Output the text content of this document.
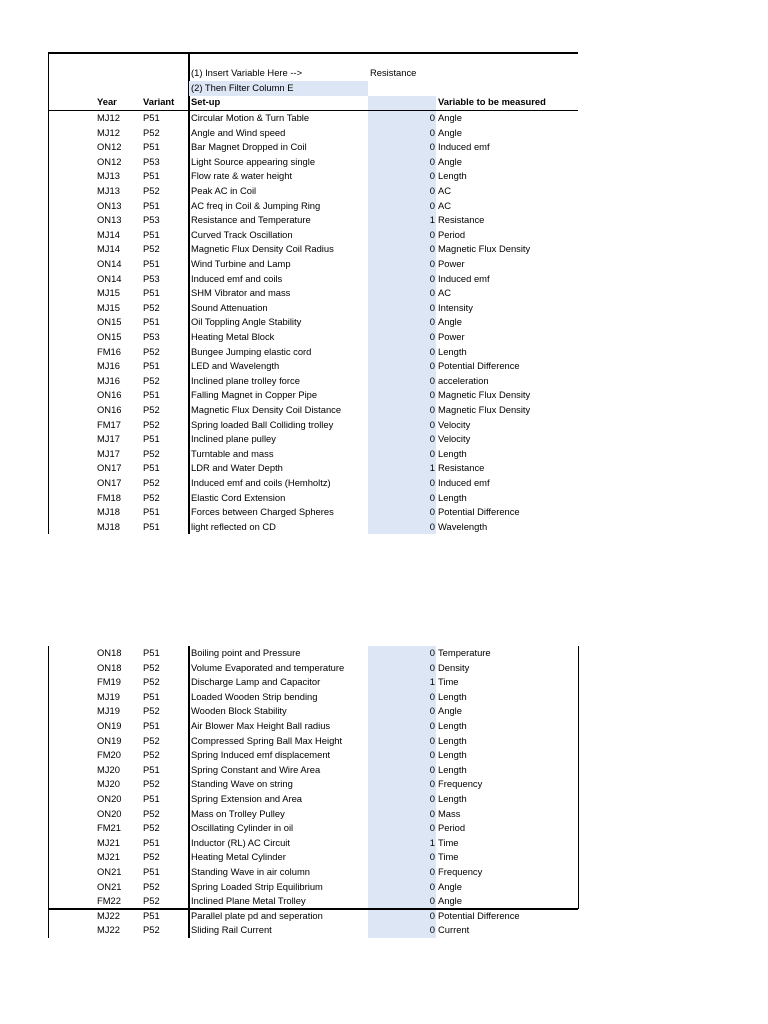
(1) Insert Variable Here -->	Resistance
(2) Then Filter Column E
Year	Variant	Set-up	Variable to be measured
MJ12	P51	Circular Motion & Turn Table	0 Angle
MJ12	P52	Angle and Wind speed	0 Angle
ON12	P51	Bar Magnet Dropped in Coil	0 Induced emf
ON12	P53	Light Source appearing single	0 Angle
MJ13	P51	Flow rate & water height	0 Length
MJ13	P52	Peak AC in Coil	0 AC
ON13	P51	AC freq in Coil & Jumping Ring	0 AC
ON13	P53	Resistance and Temperature	1 Resistance
MJ14	P51	Curved Track Oscillation	0 Period
MJ14	P52	Magnetic Flux Density Coil Radius	0 Magnetic Flux Density
ON14	P51	Wind Turbine and Lamp	0 Power
ON14	P53	Induced emf and coils	0 Induced emf
MJ15	P51	SHM Vibrator and mass	0 AC
MJ15	P52	Sound Attenuation	0 Intensity
ON15	P51	Oil Toppling Angle Stability	0 Angle
ON15	P53	Heating Metal Block	0 Power
FM16	P52	Bungee Jumping elastic cord	0 Length
MJ16	P51	LED and Wavelength	0 Potential Difference
MJ16	P52	Inclined plane trolley force	0 acceleration
ON16	P51	Falling Magnet in Copper Pipe	0 Magnetic Flux Density
ON16	P52	Magnetic Flux Density Coil Distance	0 Magnetic Flux Density
FM17	P52	Spring loaded Ball Colliding trolley	0 Velocity
MJ17	P51	Inclined plane pulley	0 Velocity
MJ17	P52	Turntable and mass	0 Length
ON17	P51	LDR and Water Depth	1 Resistance
ON17	P52	Induced emf and coils (Hemholtz)	0 Induced emf
FM18	P52	Elastic Cord Extension	0 Length
MJ18	P51	Forces between Charged Spheres	0 Potential Difference
MJ18	P51	light reflected on CD	0 Wavelength
ON18	P51	Boiling point and Pressure	0 Temperature
ON18	P52	Volume Evaporated and temperature	0 Density
FM19	P52	Discharge Lamp and Capacitor	1 Time
MJ19	P51	Loaded Wooden Strip bending	0 Length
MJ19	P52	Wooden Block Stability	0 Angle
ON19	P51	Air Blower Max Height Ball radius	0 Length
ON19	P52	Compressed Spring Ball Max Height	0 Length
FM20	P52	Spring Induced emf displacement	0 Length
MJ20	P51	Spring Constant and Wire Area	0 Length
MJ20	P52	Standing Wave on string	0 Frequency
ON20	P51	Spring Extension and Area	0 Length
ON20	P52	Mass on Trolley Pulley	0 Mass
FM21	P52	Oscillating Cylinder in oil	0 Period
MJ21	P51	Inductor (RL) AC Circuit	1 Time
MJ21	P52	Heating Metal Cylinder	0 Time
ON21	P51	Standing Wave in air column	0 Frequency
ON21	P52	Spring Loaded Strip Equilibrium	0 Angle
FM22	P52	Inclined Plane Metal Trolley	0 Angle
MJ22	P51	Parallel plate pd and seperation	0 Potential Difference
MJ22	P52	Sliding Rail Current	0 Current
